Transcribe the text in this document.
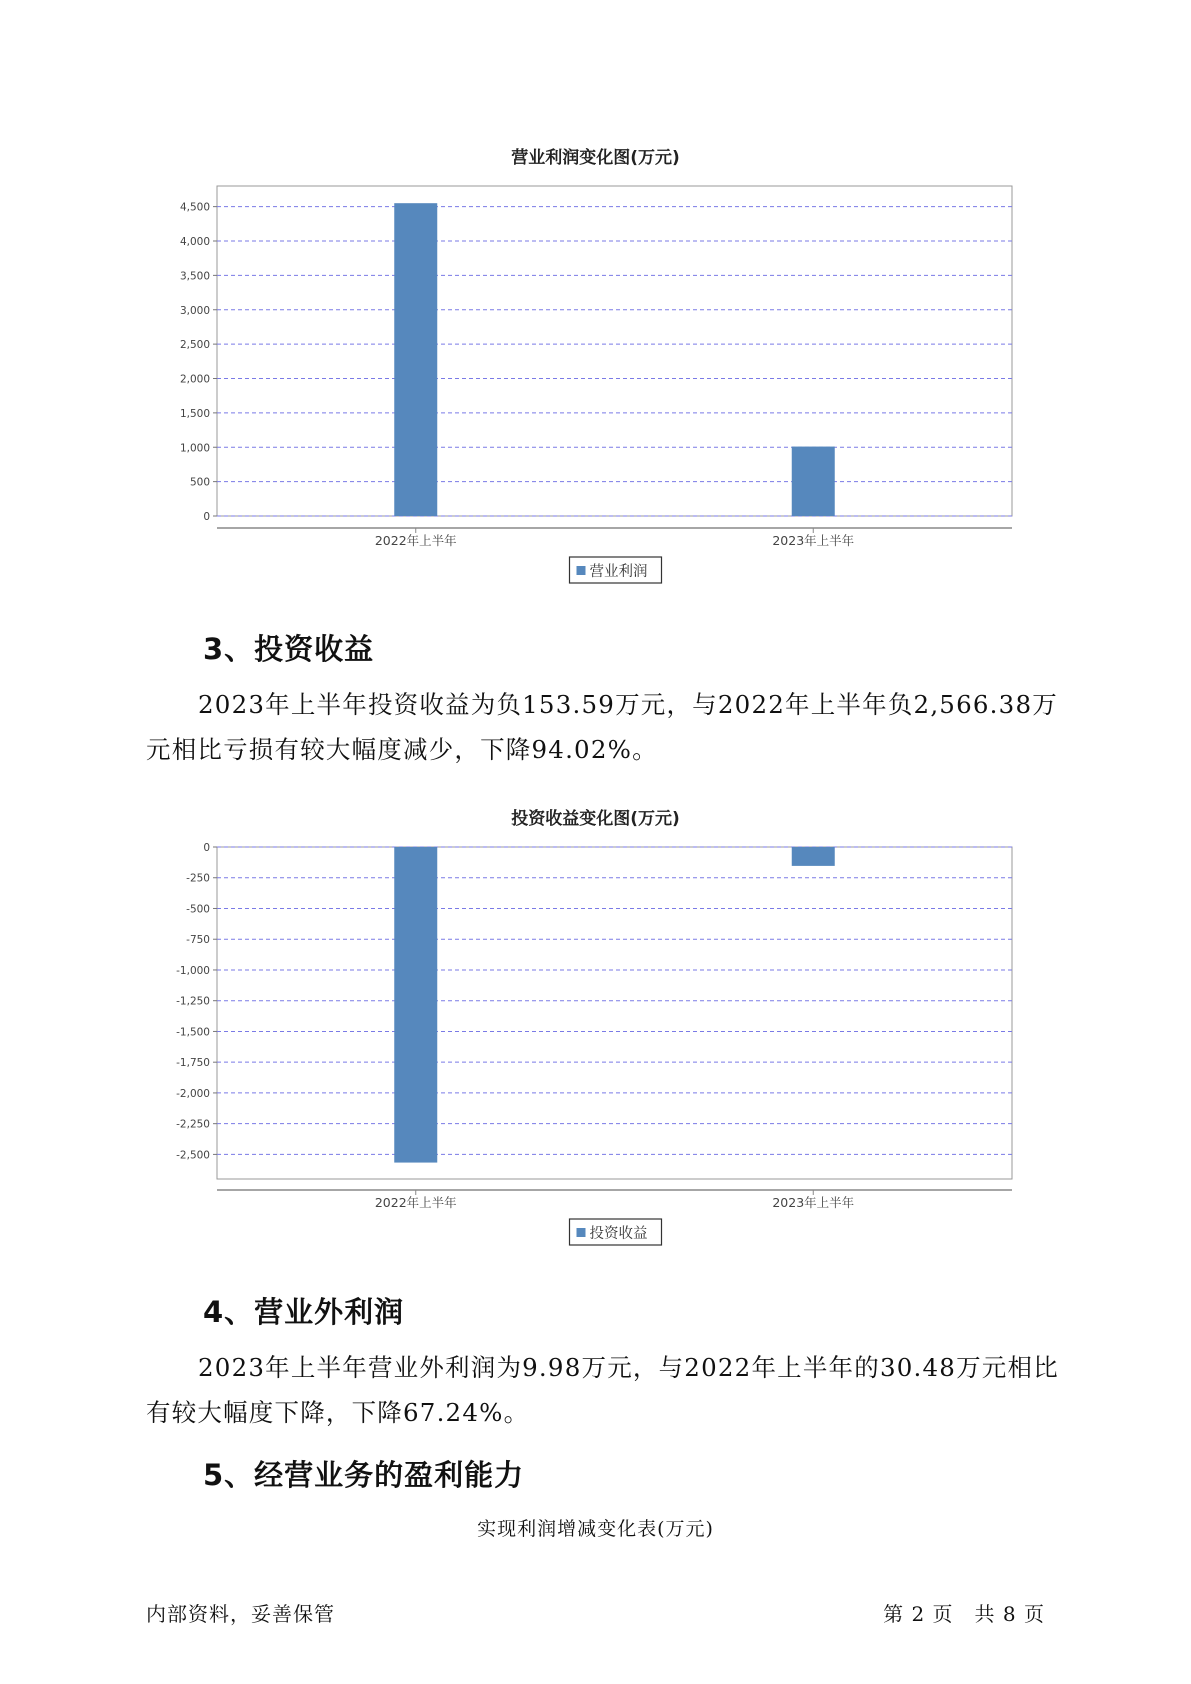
营业利润变化图(万元)
0
500
1,000
1,500
2,000
2,500
3,000
3,500
4,000
4,500
2022年上半年	2023年上半年
营业利润
3、投资收益

2023年上半年投资收益为负153.59万元，与2022年上半年负2,566.38万元相比亏损有较大幅度减少，下降94.02%。

投资收益变化图(万元)
0
-250
-500
-750
-1,000
-1,250
-1,500
-1,750
-2,000
-2,250
-2,500
2022年上半年	2023年上半年
投资收益
4、营业外利润

2023年上半年营业外利润为9.98万元，与2022年上半年的30.48万元相比有较大幅度下降，下降67.24%。

5、经营业务的盈利能力
实现利润增减变化表(万元)
内部资料，妥善保管	第 2 页　共 8 页
